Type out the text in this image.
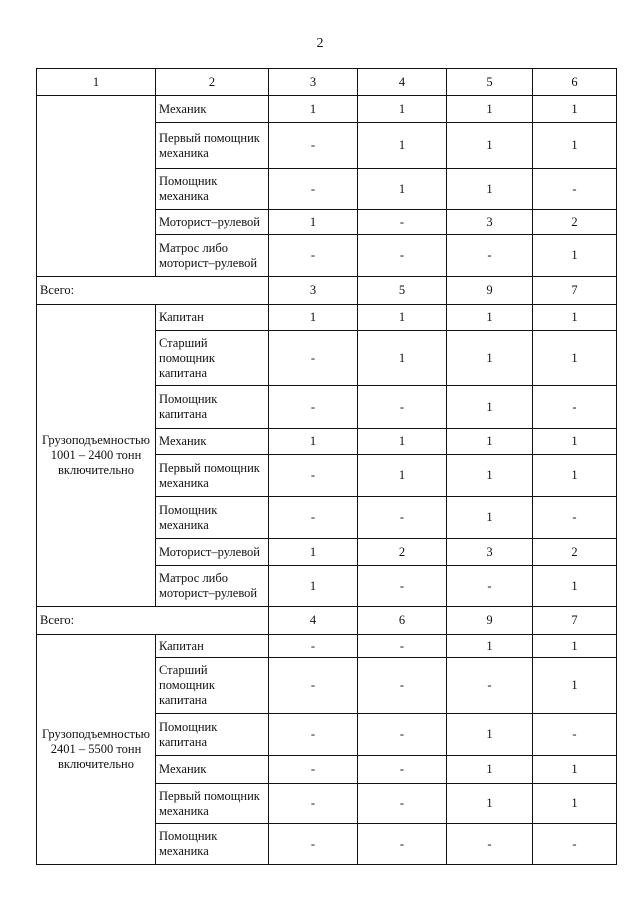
2
1	2	3	4	5	6
	Механик	1	1	1	1
	Первый помощник механика	-	1	1	1
	Помощник механика	-	1	1	-
	Моторист–рулевой	1	-	3	2
	Матрос либо моторист–рулевой	-	-	-	1
Всего:		3	5	9	7
Грузоподъемностью 1001 – 2400 тонн включительно	Капитан	1	1	1	1
	Старший помощник капитана	-	1	1	1
	Помощник капитана	-	-	1	-
	Механик	1	1	1	1
	Первый помощник механика	-	1	1	1
	Помощник механика	-	-	1	-
	Моторист–рулевой	1	2	3	2
	Матрос либо моторист–рулевой	1	-	-	1
Всего:		4	6	9	7
Грузоподъемностью 2401 – 5500 тонн включительно	Капитан	-	-	1	1
	Старший помощник капитана	-	-	-	1
	Помощник капитана	-	-	1	-
	Механик	-	-	1	1
	Первый помощник механика	-	-	1	1
	Помощник механика	-	-	-	-
